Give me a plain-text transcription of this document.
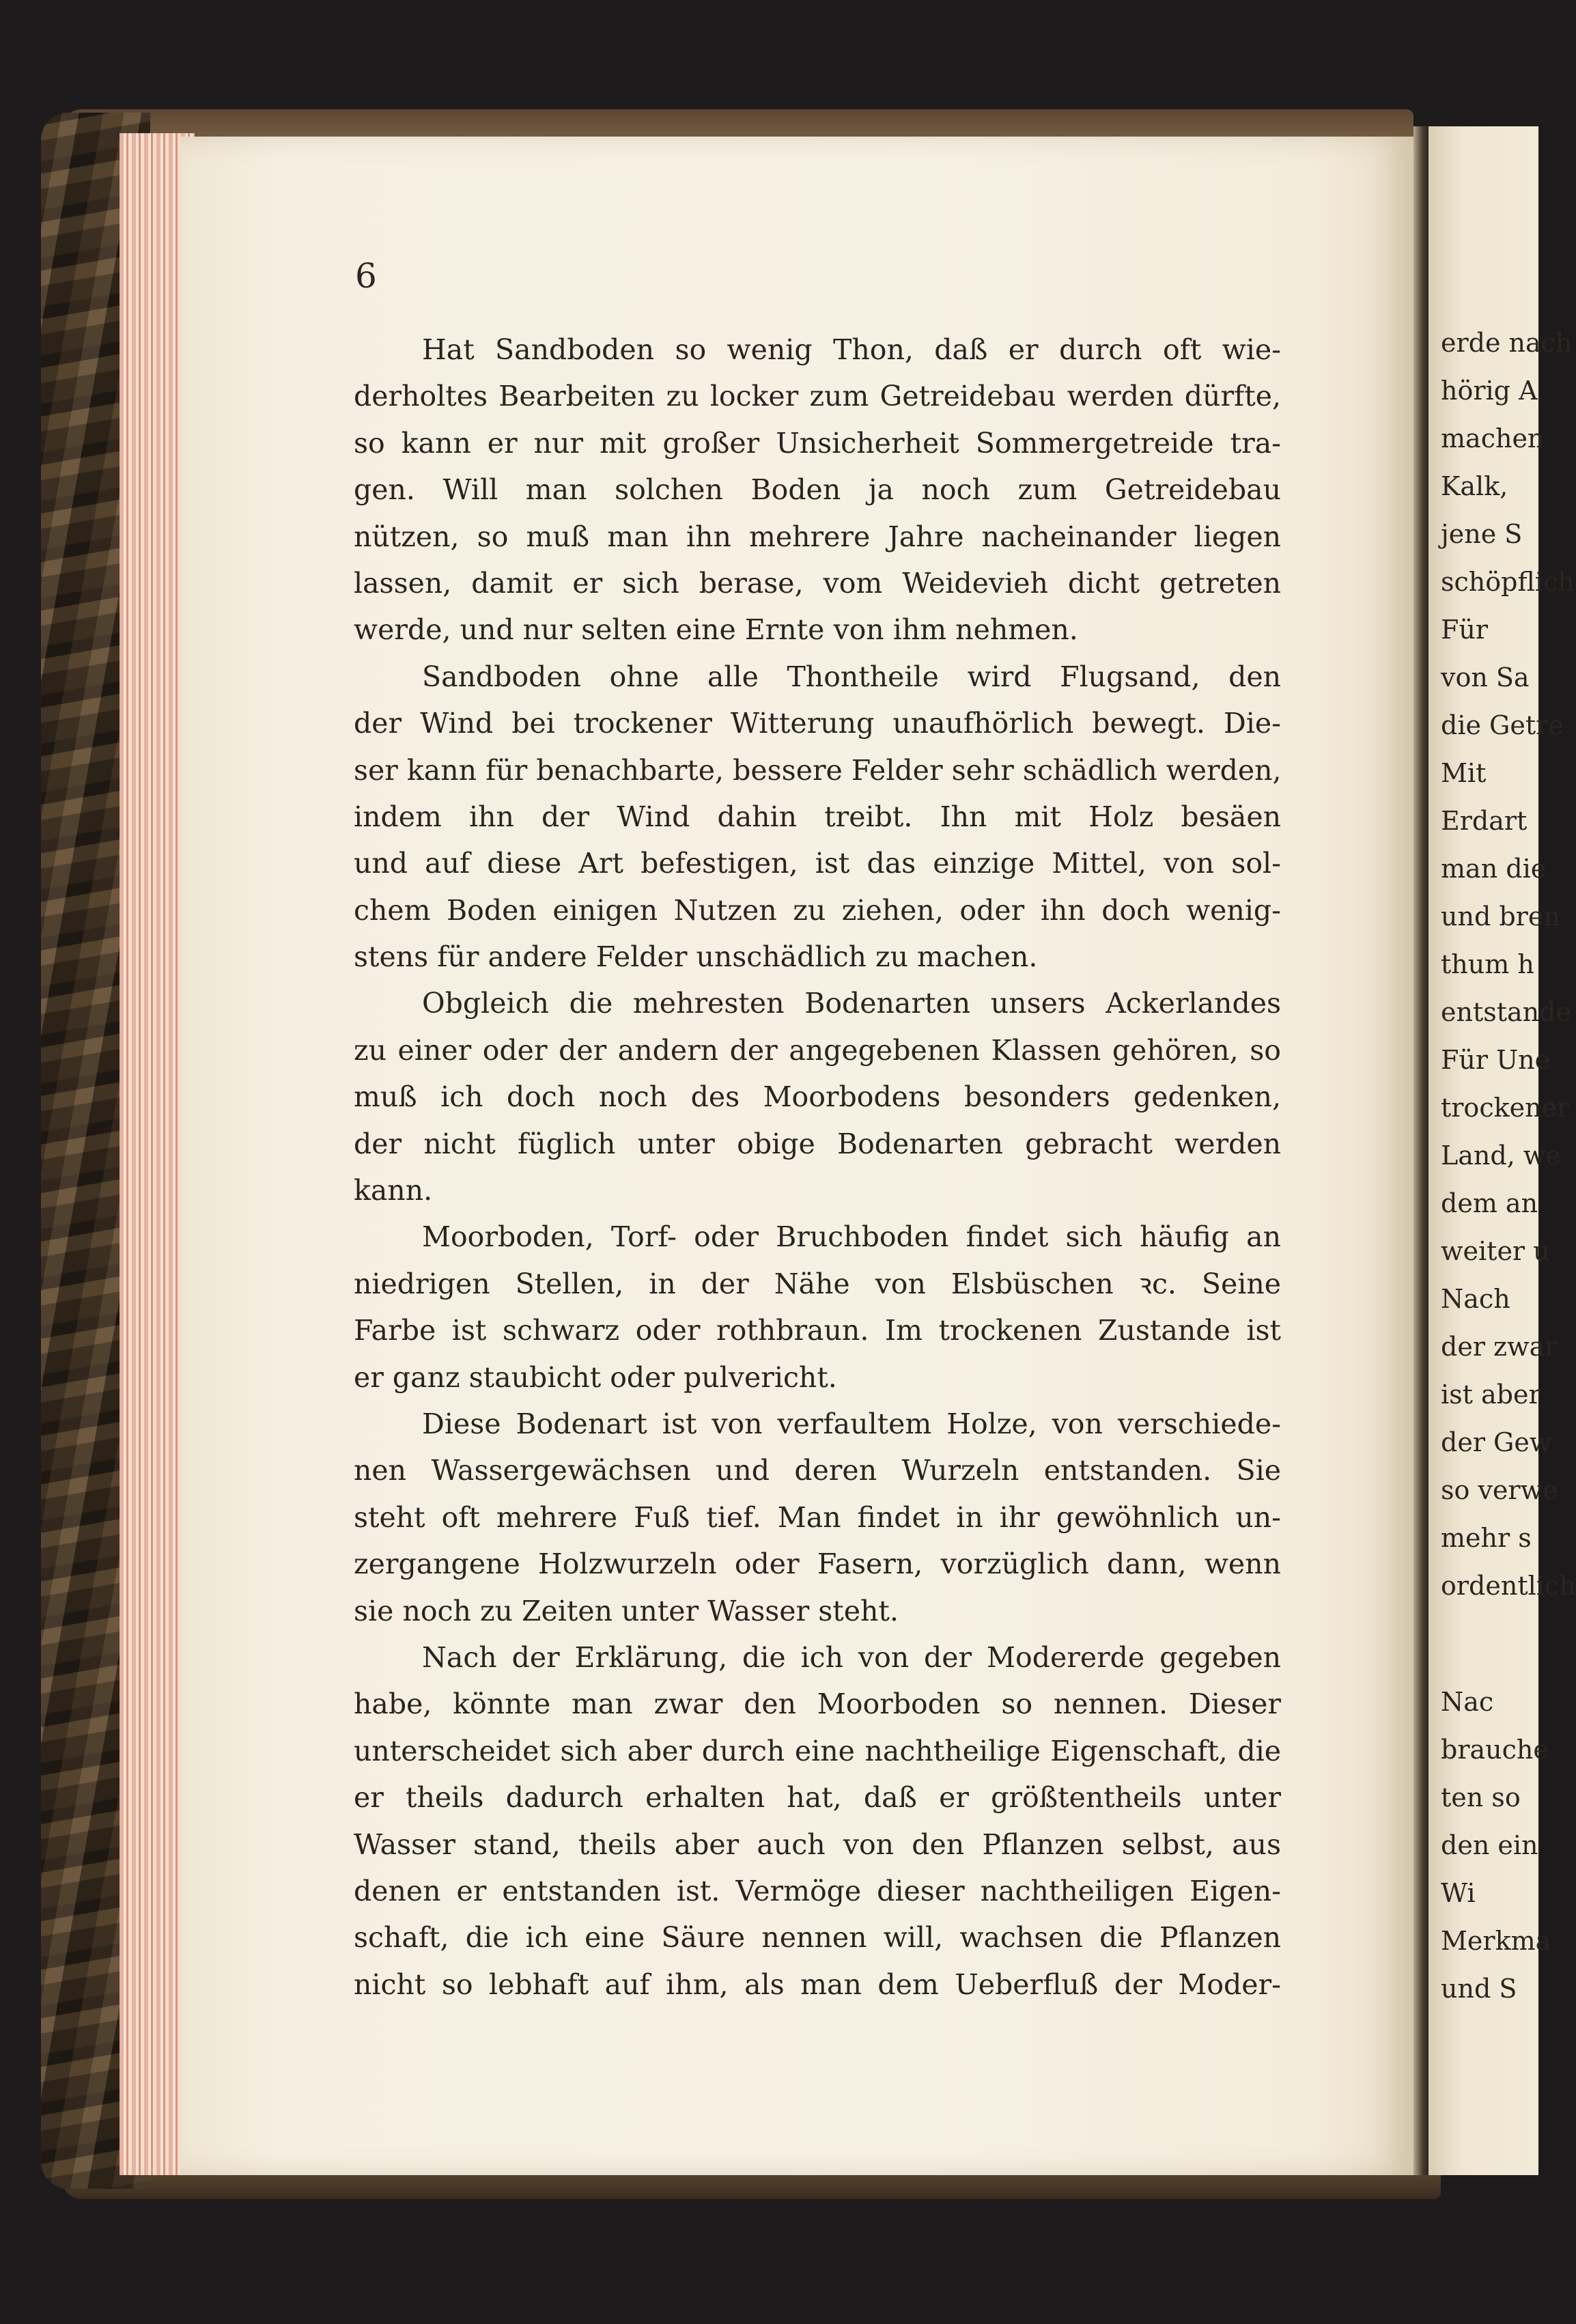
erde nach
hörig A
machen
Kalk,
jene S
schöpflich
Für
von Sa
die Getre
Mit
Erdart
man die
und bren
thum h
entstande
Für Une
trockener
Land, we
dem an
weiter u
Nach
der zwar
ist aber
der Gew
so verwe
mehr s
ordentlich
Nac
brauche
ten so
den ein
Wi
Merkma
und S
6
Hat Sandboden so wenig Thon, daß er durch oft wie-
derholtes Bearbeiten zu locker zum Getreidebau werden dürfte,
so kann er nur mit großer Unsicherheit Sommergetreide tra-
gen. Will man solchen Boden ja noch zum Getreidebau
nützen, so muß man ihn mehrere Jahre nacheinander liegen
lassen, damit er sich berase, vom Weidevieh dicht getreten
werde, und nur selten eine Ernte von ihm nehmen.
Sandboden ohne alle Thontheile wird Flugsand, den
der Wind bei trockener Witterung unaufhörlich bewegt. Die-
ser kann für benachbarte, bessere Felder sehr schädlich werden,
indem ihn der Wind dahin treibt. Ihn mit Holz besäen
und auf diese Art befestigen, ist das einzige Mittel, von sol-
chem Boden einigen Nutzen zu ziehen, oder ihn doch wenig-
stens für andere Felder unschädlich zu machen.
Obgleich die mehresten Bodenarten unsers Ackerlandes
zu einer oder der andern der angegebenen Klassen gehören, so
muß ich doch noch des Moorbodens besonders gedenken,
der nicht füglich unter obige Bodenarten gebracht werden
kann.
Moorboden, Torf- oder Bruchboden findet sich häufig an
niedrigen Stellen, in der Nähe von Elsbüschen ꝛc. Seine
Farbe ist schwarz oder rothbraun. Im trockenen Zustande ist
er ganz staubicht oder pulvericht.
Diese Bodenart ist von verfaultem Holze, von verschiede-
nen Wassergewächsen und deren Wurzeln entstanden. Sie
steht oft mehrere Fuß tief. Man findet in ihr gewöhnlich un-
zergangene Holzwurzeln oder Fasern, vorzüglich dann, wenn
sie noch zu Zeiten unter Wasser steht.
Nach der Erklärung, die ich von der Modererde gegeben
habe, könnte man zwar den Moorboden so nennen. Dieser
unterscheidet sich aber durch eine nachtheilige Eigenschaft, die
er theils dadurch erhalten hat, daß er größtentheils unter
Wasser stand, theils aber auch von den Pflanzen selbst, aus
denen er entstanden ist. Vermöge dieser nachtheiligen Eigen-
schaft, die ich eine Säure nennen will, wachsen die Pflanzen
nicht so lebhaft auf ihm, als man dem Ueberfluß der Moder-
